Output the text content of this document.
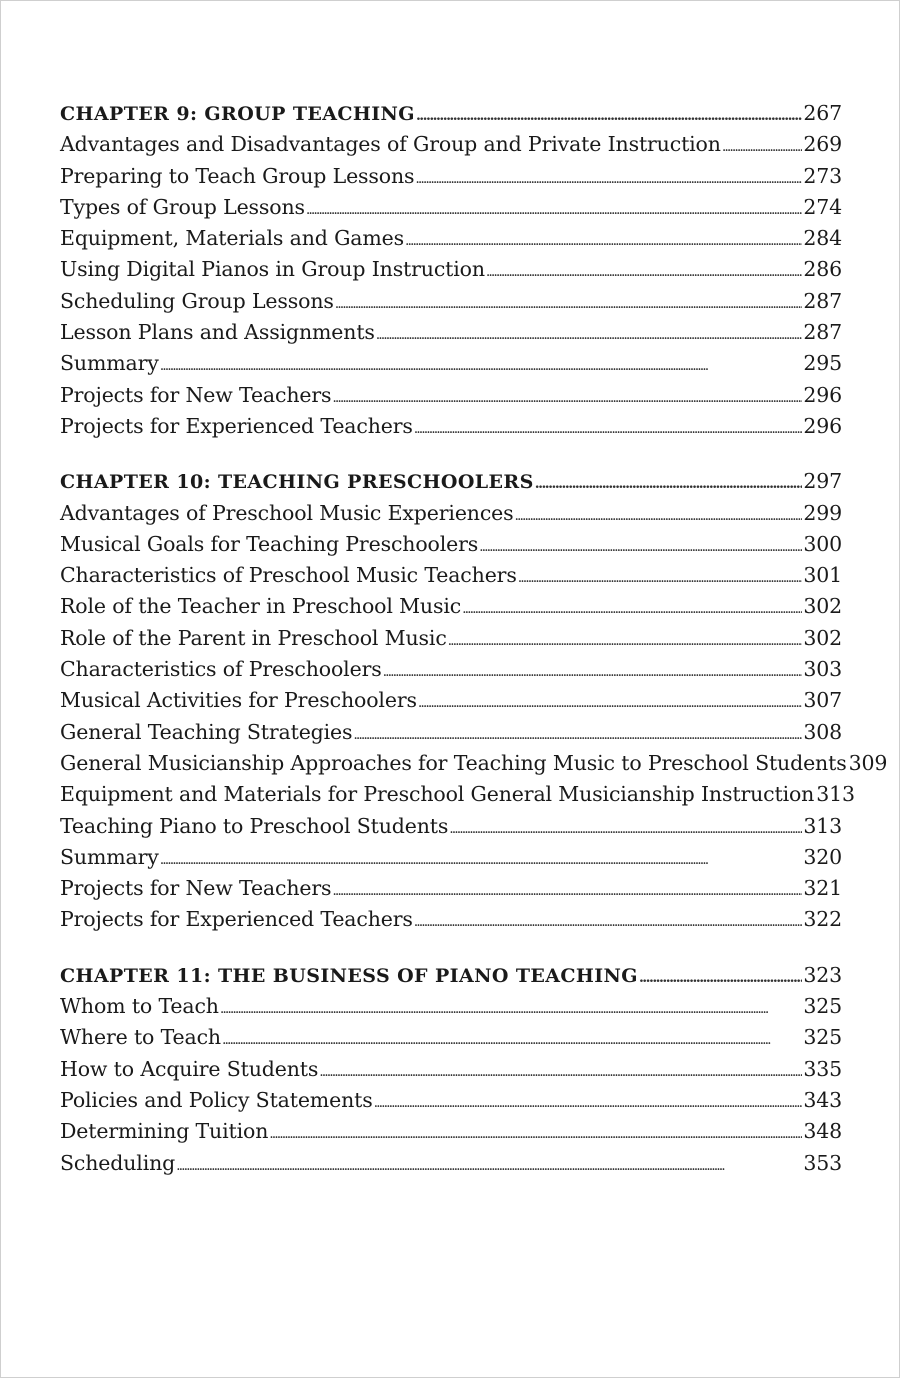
CHAPTER 9: GROUP TEACHING . . .	267
Advantages and Disadvantages of Group and Private Instruction . . .	269
Preparing to Teach Group Lessons . . .	273
Types of Group Lessons . . .	274
Equipment, Materials and Games . . .	284
Using Digital Pianos in Group Instruction . . .	286
Scheduling Group Lessons . . .	287
Lesson Plans and Assignments . . .	287
Summary . . .	295
Projects for New Teachers . . .	296
Projects for Experienced Teachers . . .	296
CHAPTER 10: TEACHING PRESCHOOLERS . . .	297
Advantages of Preschool Music Experiences . . .	299
Musical Goals for Teaching Preschoolers . . .	300
Characteristics of Preschool Music Teachers . . .	301
Role of the Teacher in Preschool Music . . .	302
Role of the Parent in Preschool Music . . .	302
Characteristics of Preschoolers . . .	303
Musical Activities for Preschoolers . . .	307
General Teaching Strategies . . .	308
General Musicianship Approaches for Teaching Music to Preschool Students 309
Equipment and Materials for Preschool General Musicianship Instruction 313
Teaching Piano to Preschool Students . . .	313
Summary . . .	320
Projects for New Teachers . . .	321
Projects for Experienced Teachers . . .	322
CHAPTER 11: THE BUSINESS OF PIANO TEACHING . . .	323
Whom to Teach . . .	325
Where to Teach . . .	325
How to Acquire Students . . .	335
Policies and Policy Statements . . .	343
Determining Tuition . . .	348
Scheduling . . .	353
